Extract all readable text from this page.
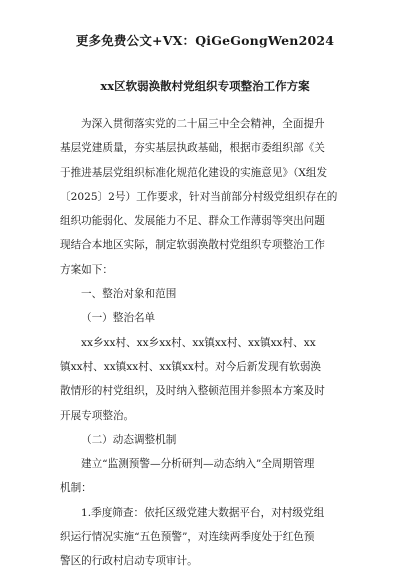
更多免费公文+VX：QiGeGongWen2024
xx区软弱涣散村党组织专项整治工作方案
为深入贯彻落实党的二十届三中全会精神，全面提升
基层党建质量，夯实基层执政基础，根据市委组织部《关
于推进基层党组织标准化规范化建设的实施意见》（X组发
〔2025〕2号）工作要求，针对当前部分村级党组织存在的
组织功能弱化、发展能力不足、群众工作薄弱等突出问题
现结合本地区实际，制定软弱涣散村党组织专项整治工作
方案如下：
一、整治对象和范围
（一）整治名单
xx乡xx村、xx乡xx村、xx镇xx村、xx镇xx村、xx
镇xx村、xx镇xx村、xx镇xx村。对今后新发现有软弱涣
散情形的村党组织，及时纳入整顿范围并参照本方案及时
开展专项整治。
（二）动态调整机制
建立“监测预警—分析研判—动态纳入”全周期管理
机制：
1.季度筛查：依托区级党建大数据平台，对村级党组
织运行情况实施“五色预警”，对连续两季度处于红色预
警区的行政村启动专项审计。
